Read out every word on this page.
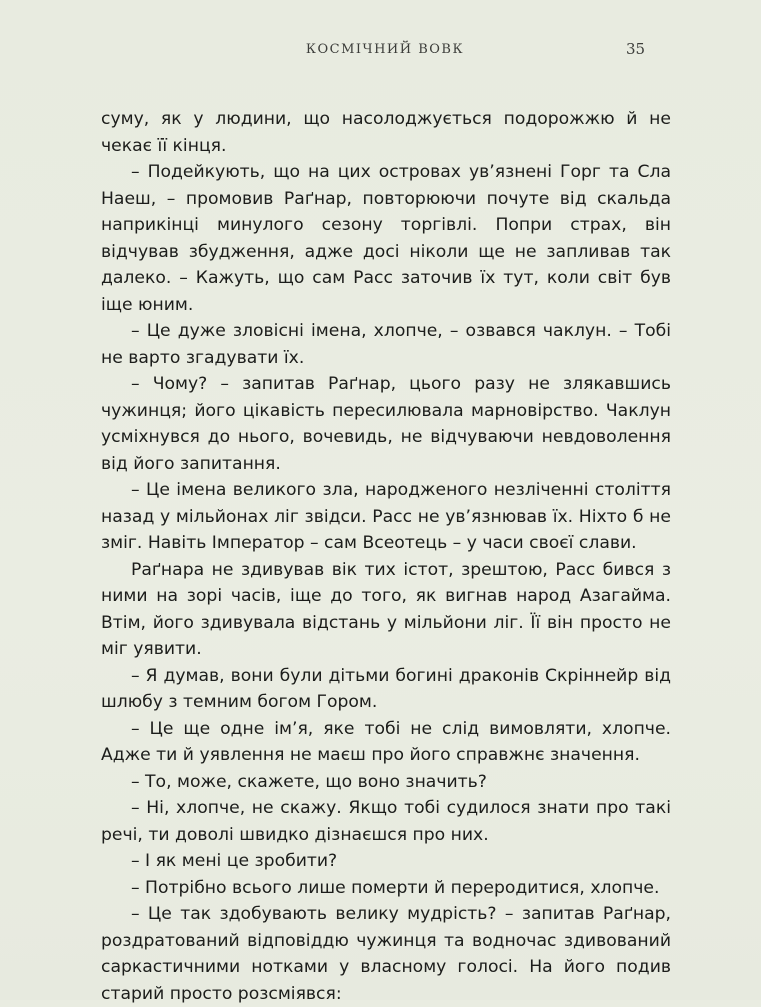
КОСМІЧНИЙ ВОВК	35

суму, як у людини, що насолоджується подорожжю й не чекає її кінця.

– Подейкують, що на цих островах ув’язнені Горг та Сла Наеш, – промовив Раґнар, повторюючи почуте від скальда наприкінці минулого сезону торгівлі. Попри страх, він відчував збудження, адже досі ніколи ще не запливав так далеко. – Кажуть, що сам Расс заточив їх тут, коли світ був іще юним.

– Це дуже зловісні імена, хлопче, – озвався чаклун. – Тобі не варто згадувати їх.

– Чому? – запитав Раґнар, цього разу не злякавшись чужинця; його цікавість пересилювала марновірство. Чаклун усміхнувся до нього, вочевидь, не відчуваючи невдоволення від його запитання.

– Це імена великого зла, народженого незліченні століття назад у мільйонах ліг звідси. Расс не ув’язнював їх. Ніхто б не зміг. Навіть Імператор – сам Всеотець – у часи своєї слави.

Раґнара не здивував вік тих істот, зрештою, Расс бився з ними на зорі часів, іще до того, як вигнав народ Азагайма. Втім, його здивувала відстань у мільйони ліг. Її він просто не міг уявити.

– Я думав, вони були дітьми богині драконів Скріннейр від шлюбу з темним богом Гором.

– Це ще одне ім’я, яке тобі не слід вимовляти, хлопче. Адже ти й уявлення не маєш про його справжнє значення.

– То, може, скажете, що воно значить?

– Ні, хлопче, не скажу. Якщо тобі судилося знати про такі речі, ти доволі швидко дізнаєшся про них.

– І як мені це зробити?

– Потрібно всього лише померти й переродитися, хлопче.

– Це так здобувають велику мудрість? – запитав Раґнар, роздратований відповіддю чужинця та водночас здивований саркастичними нотками у власному голосі. На його подив старий просто розсміявся:
